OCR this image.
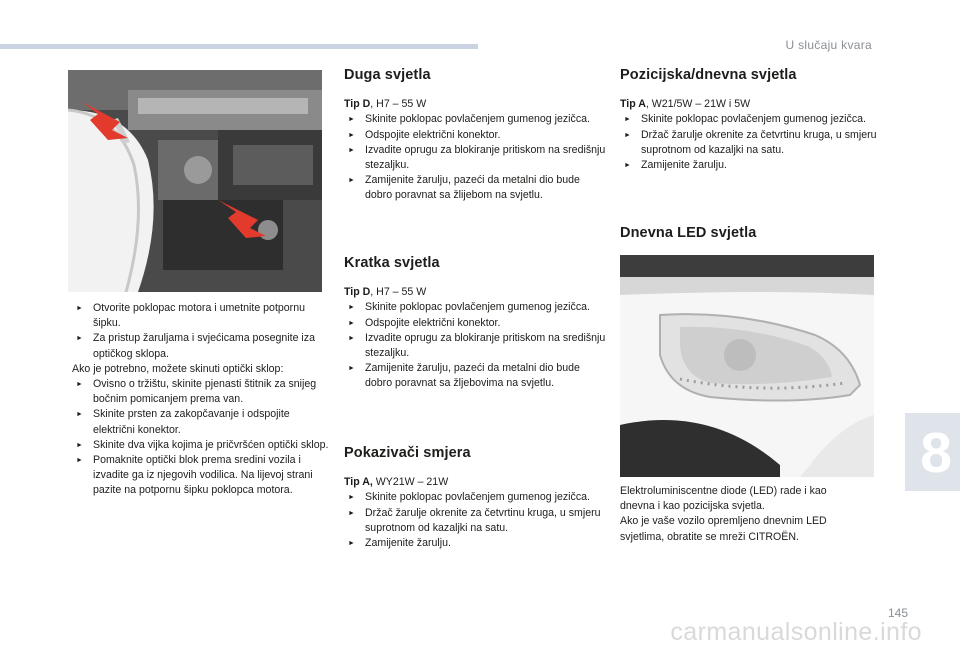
U slučaju kvara
8
145
carmanualsonline.info
► Otvorite poklopac motora i umetnite potpornu šipku.
► Za pristup žaruljama i svjećicama posegnite iza optičkog sklopa.

Ako je potrebno, možete skinuti optički sklop:

► Ovisno o tržištu, skinite pjenasti štitnik za snijeg bočnim pomicanjem prema van.
► Skinite prsten za zakopčavanje i odspojite električni konektor.
► Skinite dva vijka kojima je pričvršćen optički sklop.
► Pomaknite optički blok prema sredini vozila i izvadite ga iz njegovih vodilica. Na lijevoj strani pazite na potpornu šipku poklopca motora.
Duga svjetla

Tip D, H7 – 55 W

► Skinite poklopac povlačenjem gumenog jezičca.
► Odspojite električni konektor.
► Izvadite oprugu za blokiranje pritiskom na središnju stezaljku.
► Zamijenite žarulju, pazeći da metalni dio bude dobro poravnat sa žlijebom na svjetlu.
Kratka svjetla

Tip D, H7 – 55 W

► Skinite poklopac povlačenjem gumenog jezičca.
► Odspojite električni konektor.
► Izvadite oprugu za blokiranje pritiskom na središnju stezaljku.
► Zamijenite žarulju, pazeći da metalni dio bude dobro poravnat sa žljebovima na svjetlu.
Pokazivači smjera

Tip A, WY21W – 21W

► Skinite poklopac povlačenjem gumenog jezičca.
► Držač žarulje okrenite za četvrtinu kruga, u smjeru suprotnom od kazaljki na satu.
► Zamijenite žarulju.
Pozicijska/dnevna svjetla

Tip A, W21/5W – 21W i 5W

► Skinite poklopac povlačenjem gumenog jezičca.
► Držač žarulje okrenite za četvrtinu kruga, u smjeru suprotnom od kazaljki na satu.
► Zamijenite žarulju.
Dnevna LED svjetla

Elektroluminiscentne diode (LED) rade i kao

dnevna i kao pozicijska svjetla.

Ako je vaše vozilo opremljeno dnevnim LED

svjetlima, obratite se mreži CITROËN.
